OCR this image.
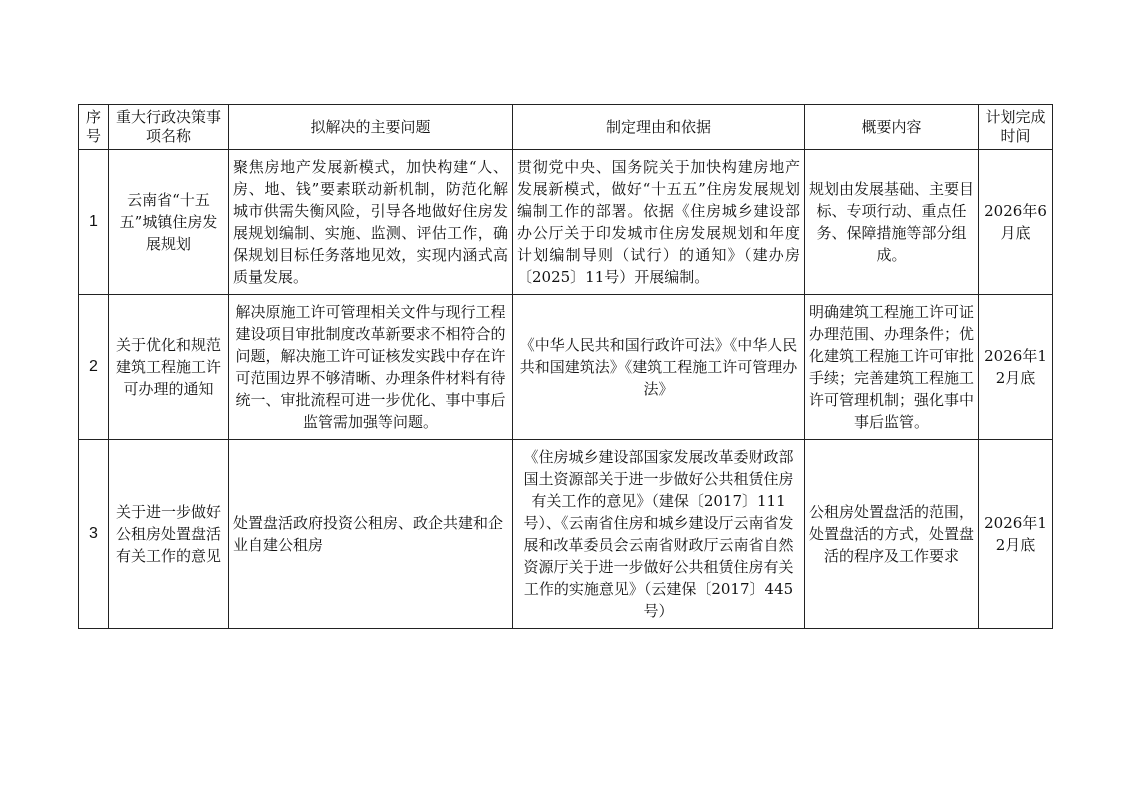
序号	重大行政决策事项名称	拟解决的主要问题	制定理由和依据	概要内容	计划完成时间
1	云南省“十五五”城镇住房发展规划	聚焦房地产发展新模式，加快构建“人、房、地、钱”要素联动新机制，防范化解城市供需失衡风险，引导各地做好住房发展规划编制、实施、监测、评估工作，确保规划目标任务落地见效，实现内涵式高质量发展。	贯彻党中央、国务院关于加快构建房地产发展新模式，做好“十五五”住房发展规划编制工作的部署。依据《住房城乡建设部办公厅关于印发城市住房发展规划和年度计划编制导则（试行）的通知》（建办房〔2025〕11号）开展编制。	规划由发展基础、主要目标、专项行动、重点任务、保障措施等部分组成。	2026年6月底
2	关于优化和规范建筑工程施工许可办理的通知	解决原施工许可管理相关文件与现行工程建设项目审批制度改革新要求不相符合的问题，解决施工许可证核发实践中存在许可范围边界不够清晰、办理条件材料有待统一、审批流程可进一步优化、事中事后监管需加强等问题。	《中华人民共和国行政许可法》《中华人民共和国建筑法》《建筑工程施工许可管理办法》	明确建筑工程施工许可证办理范围、办理条件；优化建筑工程施工许可审批手续；完善建筑工程施工许可管理机制；强化事中事后监管。	2026年12月底
3	关于进一步做好公租房处置盘活有关工作的意见	处置盘活政府投资公租房、政企共建和企业自建公租房	《住房城乡建设部国家发展改革委财政部国土资源部关于进一步做好公共租赁住房有关工作的意见》（建保〔2017〕111号）、《云南省住房和城乡建设厅云南省发展和改革委员会云南省财政厅云南省自然资源厅关于进一步做好公共租赁住房有关工作的实施意见》（云建保〔2017〕445号）	公租房处置盘活的范围，处置盘活的方式，处置盘活的程序及工作要求	2026年12月底
